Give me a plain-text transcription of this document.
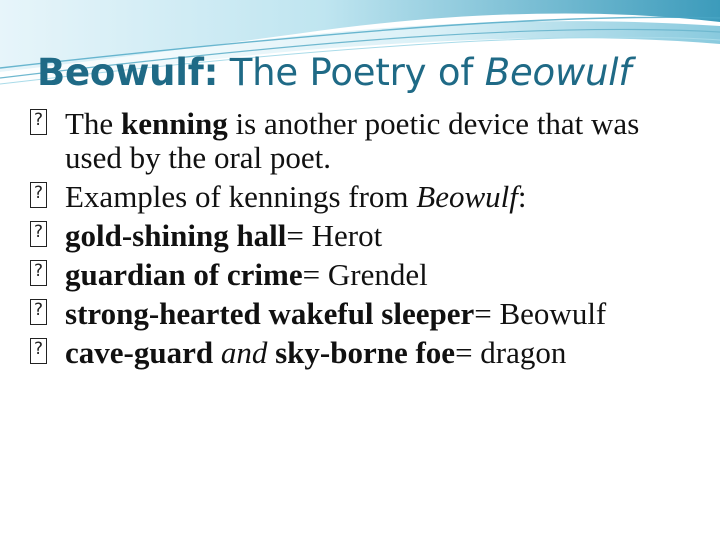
Beowulf: The Poetry of Beowulf
? The kenning is another poetic device that was used by the oral poet.
? Examples of kennings from Beowulf:
? gold-shining hall= Herot
? guardian of crime= Grendel
? strong-hearted wakeful sleeper= Beowulf
? cave-guard and sky-borne foe= dragon
